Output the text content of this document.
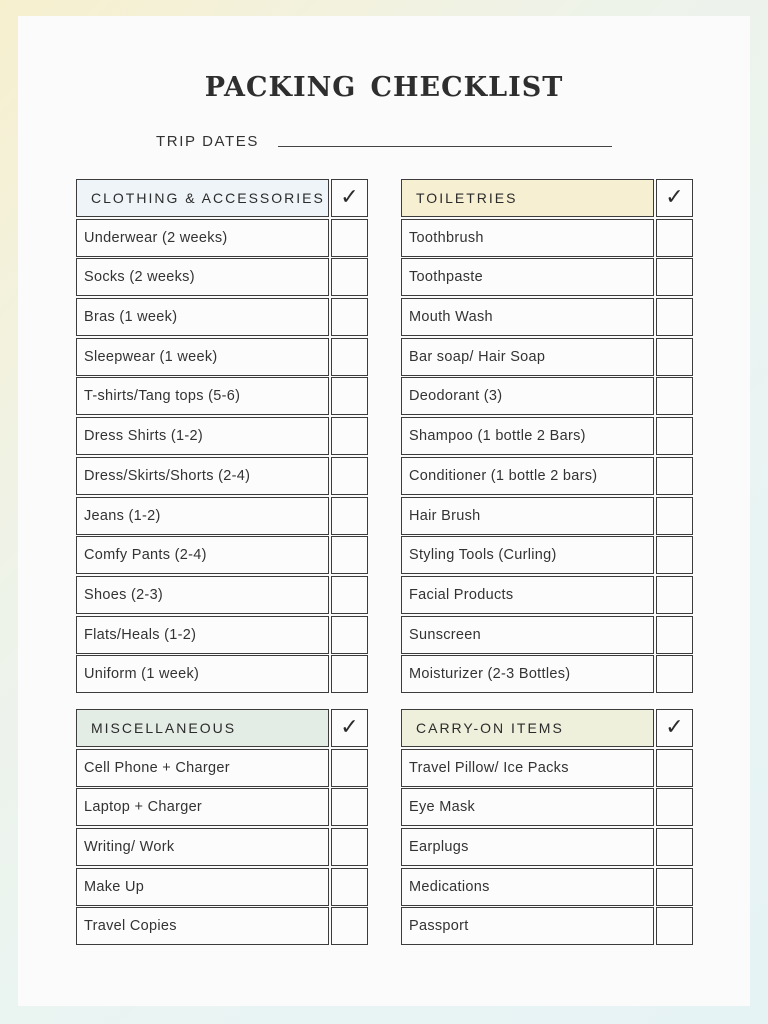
packing checklist
TRIP DATES
CLOTHING & ACCESSORIES ✓
Underwear (2 weeks)
Socks (2 weeks)
Bras (1 week)
Sleepwear (1 week)
T-shirts/Tang tops (5-6)
Dress Shirts (1-2)
Dress/Skirts/Shorts (2-4)
Jeans (1-2)
Comfy Pants (2-4)
Shoes (2-3)
Flats/Heals (1-2)
Uniform (1 week)
TOILETRIES	✓
Toothbrush
Toothpaste
Mouth Wash
Bar soap/ Hair Soap
Deodorant (3)
Shampoo (1 bottle 2 Bars)
Conditioner (1 bottle 2 bars)
Hair Brush
Styling Tools (Curling)
Facial Products
Sunscreen
Moisturizer (2-3 Bottles)
MISCELLANEOUS	✓
Cell Phone + Charger
Laptop + Charger
Writing/ Work
Make Up
Travel Copies
CARRY-ON ITEMS	✓
Travel Pillow/ Ice Packs
Eye Mask
Earplugs
Medications
Passport
